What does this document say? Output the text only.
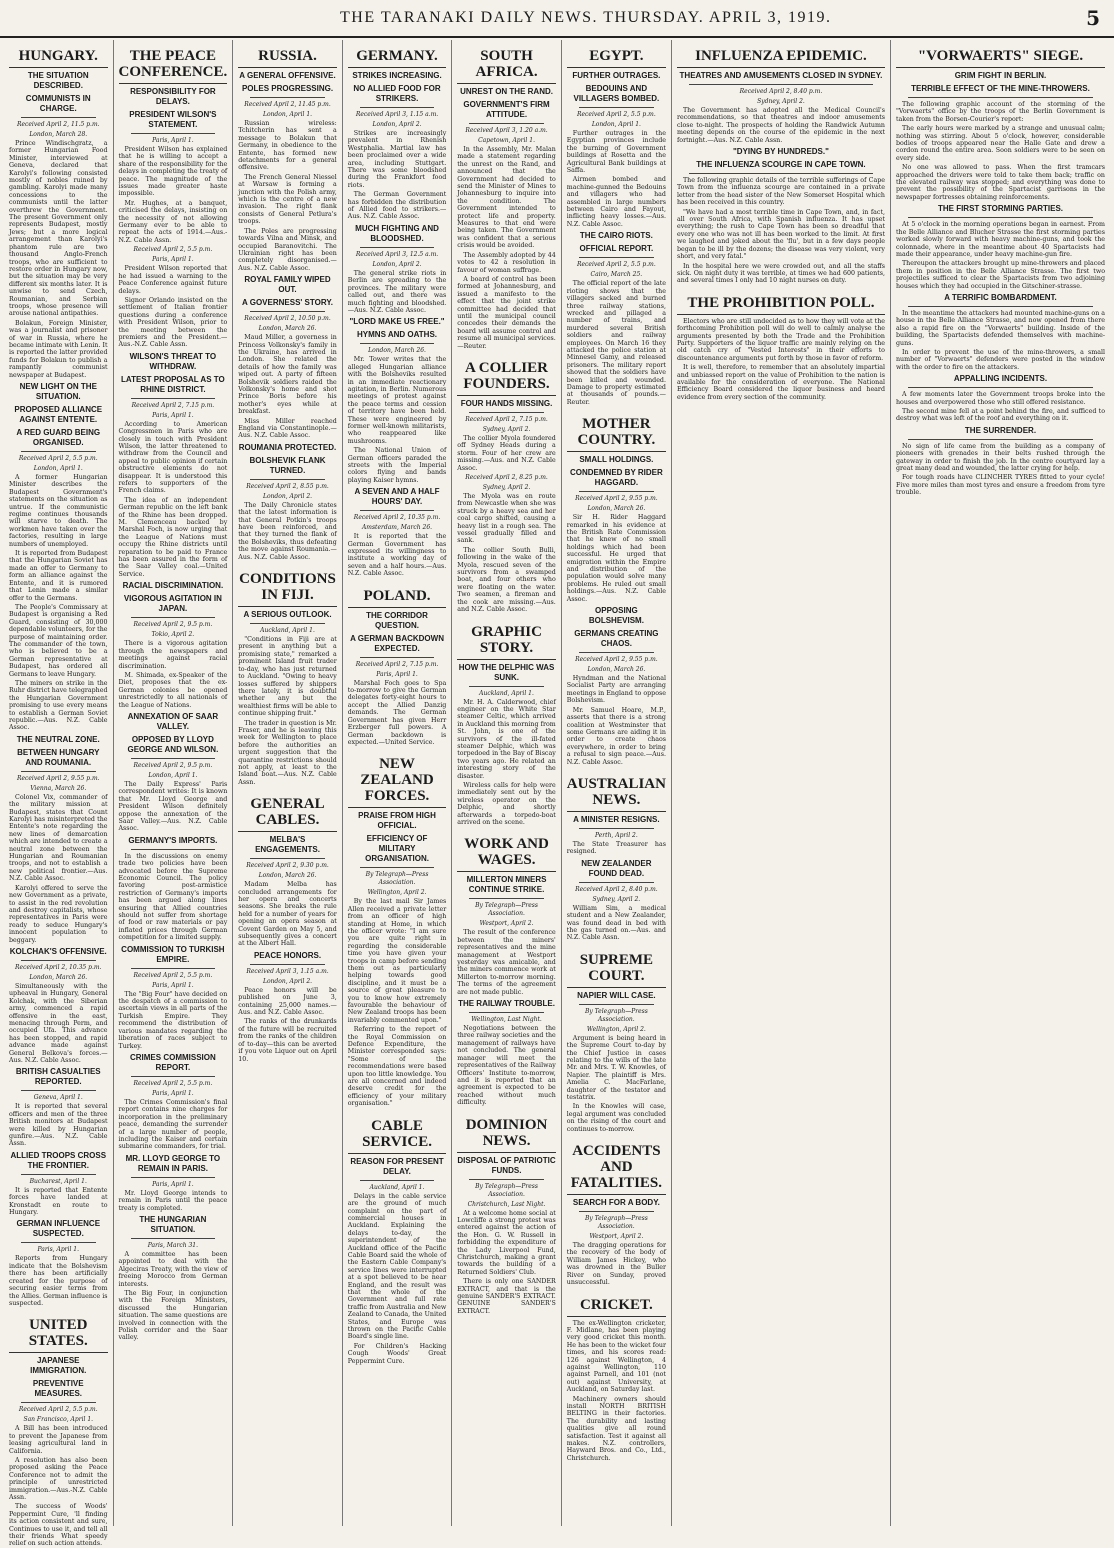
THE TARANAKI DAILY NEWS. THURSDAY. APRIL 3, 1919.	5
HUNGARY.
THE SITUATION DESCRIBED.
COMMUNISTS IN CHARGE.
Received April 2, 11.5 p.m.
London, March 28.
Prince Windischgratz, a former Hungarian Food Minister, interviewed at Geneva, declared that Karolyi's following consisted mostly of nobles ruined by gambling. Karolyi made many concessions to the communists until the latter overthrew the Government. The present Government only represents Budapest, mostly Jews; but a more logical arrangement than Karolyi's phantom rule are two thousand Anglo-French troops, who are sufficient to restore order in Hungary now, but the situation may be very different six months later. It is unwise to send Czech, Roumanian, and Serbian troops, whose presence will arouse national antipathies.
Bolakun, Foreign Minister, was a journalist and prisoner of war in Russia, where he became intimate with Lenin. It is reported the latter provided funds for Bolakun to publish a rampantly communist newspaper at Budapest.
NEW LIGHT ON THE SITUATION.
PROPOSED ALLIANCE AGAINST ENTENTE.
A RED GUARD BEING ORGANISED.
Received April 2, 5.5 p.m.
London, April 1.
A former Hungarian Minister describes the Budapest Government's statements on the situation as untrue. If the communistic regime continues thousands will starve to death. The workmen have taken over the factories, resulting in large numbers of unemployed.
It is reported from Budapest that the Hungarian Soviet has made an offer to Germany to form an alliance against the Entente, and it is rumored that Lenin made a similar offer to the Germans.
The People's Commissary at Budapest is organising a Red Guard, consisting of 30,000 dependable volunteers, for the purpose of maintaining order. The commander of the town, who is believed to be a German representative at Budapest, has ordered all Germans to leave Hungary.
The miners on strike in the Ruhr district have telegraphed the Hungarian Government promising to use every means to establish a German Soviet republic.—Aus. N.Z. Cable Assoc.
THE NEUTRAL ZONE.
BETWEEN HUNGARY AND ROUMANIA.
Received April 2, 9.55 p.m.
Vienna, March 26.
Colonel Vix, commander of the military mission at Budapest, states that Count Karolyi has misinterpreted the Entente's note regarding the new lines of demarcation which are intended to create a neutral zone between the Hungarian and Roumanian troops, and not to establish a new political frontier.—Aus. N.Z. Cable Assoc.
Karolyi offered to serve the new Government as a private, to assist in the red revolution and destroy capitalists, whose representatives in Paris were ready to seduce Hungary's innocent population to beggary.
KOLCHAK'S OFFENSIVE.
Received April 2, 10.35 p.m.
London, March 26.
Simultaneously with the upheaval in Hungary, General Kolchak, with the Siberian army, commenced a rapid offensive in the east, menacing through Perm, and occupied Ufa. This advance has been stopped, and rapid advance made against General Belkova's forces.—Aus. N.Z. Cable Assoc.
BRITISH CASUALTIES REPORTED.
Geneva, April 1.
It is reported that several officers and men of the three British monitors at Budapest were killed by Hungarian gunfire.—Aus. N.Z. Cable Assn.
ALLIED TROOPS CROSS THE FRONTIER.
Bucharest, April 1.
It is reported that Entente forces have landed at Kronstadt en route to Hungary.
GERMAN INFLUENCE SUSPECTED.
Paris, April 1.
Reports from Hungary indicate that the Bolshevism there has been artificially created for the purpose of securing easier terms from the Allies. German influence is suspected.
UNITED STATES.
JAPANESE IMMIGRATION.
PREVENTIVE MEASURES.
Received April 2, 5.5 p.m.
San Francisco, April 1.
A Bill has been introduced to prevent the Japanese from leasing agricultural land in California.
A resolution has also been proposed asking the Peace Conference not to admit the principle of unrestricted immigration.—Aus.-N.Z. Cable Assn.
The success of Woods' Peppermint Cure, 'll finding its action consistent and sure, Continues to use it, and tell all their friends What speedy relief on such action attends.
THE PEACE CONFERENCE.
RESPONSIBILITY FOR DELAYS.
PRESIDENT WILSON'S STATEMENT.
Paris, April 1.
President Wilson has explained that he is willing to accept a share of the responsibility for the delays in completing the treaty of peace. The magnitude of the issues made greater haste impossible.
Mr. Hughes, at a banquet, criticised the delays, insisting on the necessity of not allowing Germany ever to be able to repeat the acts of 1914.—Aus.-N.Z. Cable Assn.
Received April 2, 5.5 p.m.
Paris, April 1.
President Wilson reported that he had issued a warning to the Peace Conference against future delays.
Signor Orlando insisted on the settlement of Italian frontier questions during a conference with President Wilson, prior to the meeting between the premiers and the President.—Aus.-N.Z. Cable Assn.
WILSON'S THREAT TO WITHDRAW.
LATEST PROPOSAL AS TO RHINE DISTRICT.
Received April 2, 7.15 p.m.
Paris, April 1.
According to American Congressmen in Paris who are closely in touch with President Wilson, the latter threatened to withdraw from the Council and appeal to public opinion if certain obstructive elements do not disappear. It is understood this refers to supporters of the French claims.
The idea of an independent German republic on the left bank of the Rhine has been dropped. M. Clemenceau backed by Marshal Foch, is now urging that the League of Nations must occupy the Rhine districts until reparation to be paid to France has been assured in the form of the Saar Valley coal.—United Service.
RACIAL DISCRIMINATION.
VIGOROUS AGITATION IN JAPAN.
Received April 2, 9.5 p.m.
Tokio, April 2.
There is a vigorous agitation through the newspapers and meetings against racial discrimination.
M. Shimada, ex-Speaker of the Diet, proposes that the ex-German colonies be opened unrestrictedly to all nationals of the League of Nations.
ANNEXATION OF SAAR VALLEY.
OPPOSED BY LLOYD GEORGE AND WILSON.
Received April 2, 9.5 p.m.
London, April 1.
The Daily Express' Paris correspondent writes: It is known that Mr. Lloyd George and President Wilson definitely oppose the annexation of the Saar Valley.—Aus. N.Z. Cable Assoc.
GERMANY'S IMPORTS.
In the discussions on enemy trade two policies have been advocated before the Supreme Economic Council. The policy favoring post-armistice restriction of Germany's imports has been argued along lines ensuring that Allied countries should not suffer from shortage of food or raw materials or pay inflated prices through German competition for a limited supply.
COMMISSION TO TURKISH EMPIRE.
Received April 2, 5.5 p.m.
Paris, April 1.
The "Big Four" have decided on the despatch of a commission to ascertain views in all parts of the Turkish Empire. They recommend the distribution of various mandates regarding the liberation of races subject to Turkey.
CRIMES COMMISSION REPORT.
Received April 2, 5.5 p.m.
Paris, April 1.
The Crimes Commission's final report contains nine charges for incorporation in the preliminary peace, demanding the surrender of a large number of people, including the Kaiser and certain submarine commanders, for trial.
MR. LLOYD GEORGE TO REMAIN IN PARIS.
Paris, April 1.
Mr. Lloyd George intends to remain in Paris until the peace treaty is completed.
THE HUNGARIAN SITUATION.
Paris, March 31.
A committee has been appointed to deal with the Algeciras Treaty, with the view of freeing Morocco from German interests.
The Big Four, in conjunction with the Foreign Ministers, discussed the Hungarian situation. The same questions are involved in connection with the Polish corridor and the Saar valley.
RUSSIA.
A GENERAL OFFENSIVE.
POLES PROGRESSING.
Received April 2, 11.45 p.m.
London, April 1.
Russian wireless: Tchitcherin has sent a message to Bolakun that Germany, in obedience to the Entente, has formed new detachments for a general offensive.
The French General Niessel at Warsaw is forming a junction with the Polish army, which is the centre of a new invasion. The right flank consists of General Petlura's troops.
The Poles are progressing towards Vilna and Minsk, and occupied Baranovitchi. The Ukrainian right has been completely disorganised.—Aus. N.Z. Cable Assoc.
ROYAL FAMILY WIPED OUT.
A GOVERNESS' STORY.
Received April 2, 10.50 p.m.
London, March 26.
Maud Miller, a governess in Princess Volkonsky's family in the Ukraine, has arrived in London. She related the details of how the family was wiped out. A party of fifteen Bolshevik soldiers raided the Volkonsky's home and shot Prince Boris before his mother's eyes while at breakfast.
Miss Miller reached England via Constantinople.—Aus. N.Z. Cable Assoc.
ROUMANIA PROTECTED.
BOLSHEVIK FLANK TURNED.
Received April 2, 8.55 p.m.
London, April 2.
The Daily Chronicle states that the latest information is that General Potkin's troops have been reinforced, and that they turned the flank of the Bolsheviks, thus defeating the move against Roumania.—Aus. N.Z. Cable Assoc.
CONDITIONS IN FIJI.
A SERIOUS OUTLOOK.
Auckland, April 1.
"Conditions in Fiji are at present in anything but a promising state," remarked a prominent Island fruit trader to-day, who has just returned to Auckland. "Owing to heavy losses suffered by shippers there lately, it is doubtful whether any but the wealthiest firms will be able to continue shipping fruit."
The trader in question is Mr. Fraser, and he is leaving this week for Wellington to place before the authorities an urgent suggestion that the quarantine restrictions should not apply, at least to the Island boat.—Aus. N.Z. Cable Assn.
GENERAL CABLES.
MELBA'S ENGAGEMENTS.
Received April 2, 9.30 p.m.
London, March 26.
Madam Melba has concluded arrangements for her opera and concerts seasons. She breaks the rule held for a number of years for opening an opera season at Covent Garden on May 5, and subsequently gives a concert at the Albert Hall.
PEACE HONORS.
Received April 3, 1.15 a.m.
London, April 2.
Peace honors will be published on June 3, containing 25,000 names.—Aus. and N.Z. Cable Assoc.
The ranks of the drunkards of the future will be recruited from the ranks of the children of to-day—this can be averted if you vote Liquor out on April 10.
GERMANY.
STRIKES INCREASING.
NO ALLIED FOOD FOR STRIKERS.
Received April 3, 1.15 a.m.
London, April 2.
Strikes are increasingly prevalent in Rhenish Westphalia. Martial law has been proclaimed over a wide area, including Stuttgart. There was some bloodshed during the Frankfort food riots.
The German Government has forbidden the distribution of Allied food to strikers.—Aus. N.Z. Cable Assoc.
MUCH FIGHTING AND BLOODSHED.
Received April 3, 12.5 a.m.
London, April 2.
The general strike riots in Berlin are spreading to the provinces. The military were called out, and there was much fighting and bloodshed.—Aus. N.Z. Cable Assoc.
"LORD MAKE US FREE."
HYMNS AND OATHS.
London, March 26.
Mr. Tower writes that the alleged Hungarian alliance with the Bolsheviks resulted in an immediate reactionary agitation, in Berlin. Numerous meetings of protest against the peace terms and cession of territory have been held. These were engineered by former well-known militarists, who reappeared like mushrooms.
The National Union of German officers paraded the streets with the Imperial colors flying and bands playing Kaiser hymns.
A SEVEN AND A HALF HOURS' DAY.
Received April 2, 10.35 p.m.
Amsterdam, March 26.
It is reported that the German Government has expressed its willingness to institute a working day of seven and a half hours.—Aus. N.Z. Cable Assoc.
POLAND.
THE CORRIDOR QUESTION.
A GERMAN BACKDOWN EXPECTED.
Received April 2, 7.15 p.m.
Paris, April 1.
Marshal Foch goes to Spa to-morrow to give the German delegates forty-eight hours to accept the Allied Danzig demands. The German Government has given Herr Erzberger full powers. A German backdown is expected.—United Service.
NEW ZEALAND FORCES.
PRAISE FROM HIGH OFFICIAL.
EFFICIENCY OF MILITARY ORGANISATION.
By Telegraph—Press Association.
Wellington, April 2.
By the last mail Sir James Allen received a private letter from an officer of high standing at Home, in which the officer wrote: "I am sure you are quite right in regarding the considerable time you have given your troops in camp before sending them out as particularly helping towards good discipline, and it must be a source of great pleasure to you to know how extremely favourable the behaviour of New Zealand troops has been invariably commented upon."
Referring to the report of the Royal Commission on Defence Expenditure, the Minister corresponded says: "Some of the recommendations were based upon too little knowledge. You are all concerned and indeed deserve credit for the efficiency of your military organisation."
CABLE SERVICE.
REASON FOR PRESENT DELAY.
Auckland, April 1.
Delays in the cable service are the ground of much complaint on the part of commercial houses in Auckland. Explaining the delays to-day, the superintendent of the Auckland office of the Pacific Cable Board said the whole of the Eastern Cable Company's service lines were interrupted at a spot believed to be near England, and the result was that the whole of the Government and full rate traffic from Australia and New Zealand to Canada, the United States, and Europe was thrown on the Pacific Cable Board's single line.
For Children's Hacking Cough Woods' Great Peppermint Cure.
SOUTH AFRICA.
UNREST ON THE RAND.
GOVERNMENT'S FIRM ATTITUDE.
Received April 3, 1.20 a.m.
Capetown, April 1.
In the Assembly, Mr. Malan made a statement regarding the unrest on the Rand, and announced that the Government had decided to send the Minister of Mines to Johannesburg to inquire into the condition. The Government intended to protect life and property. Measures to that end were being taken. The Government was confident that a serious crisis would be avoided.
The Assembly adopted by 44 votes to 42 a resolution in favour of woman suffrage.
A board of control has been formed at Johannesburg, and issued a manifesto to the effect that the joint strike committee had decided that until the municipal council concedes their demands the board will assume control and resume all municipal services.—Reuter.
A COLLIER FOUNDERS.
FOUR HANDS MISSING.
Received April 2, 7.15 p.m.
Sydney, April 2.
The collier Myola foundered off Sydney Heads during a storm. Four of her crew are missing.—Aus. and N.Z. Cable Assoc.
Received April 2, 8.25 p.m.
Sydney, April 2.
The Myola was en route from Newcastle when she was struck by a heavy sea and her coal cargo shifted, causing a heavy list in a rough sea. The vessel gradually filled and sank.
The collier South Bulli, following in the wake of the Myola, rescued seven of the survivors from a swamped boat, and four others who were floating on the water. Two seamen, a fireman and the cook are missing.—Aus. and N.Z. Cable Assoc.
GRAPHIC STORY.
HOW THE DELPHIC WAS SUNK.
Auckland, April 1.
Mr. H. A. Calderwood, chief engineer on the White Star steamer Celtic, which arrived in Auckland this morning from St. John, is one of the survivors of the ill-fated steamer Delphic, which was torpedoed in the Bay of Biscay two years ago. He related an interesting story of the disaster.
Wireless calls for help were immediately sent out by the wireless operator on the Delphic, and shortly afterwards a torpedo-boat arrived on the scene.
WORK AND WAGES.
MILLERTON MINERS CONTINUE STRIKE.
By Telegraph—Press Association.
Westport, April 2.
The result of the conference between the miners' representatives and the mine management at Westport yesterday was amicable, and the miners commence work at Millerton to-morrow morning. The terms of the agreement are not made public.
THE RAILWAY TROUBLE.
Wellington, Last Night.
Negotiations between the three railway societies and the management of railways have not concluded. The general manager will meet the representatives of the Railway Officers' Institute to-morrow, and it is reported that an agreement is expected to be reached without much difficulty.
DOMINION NEWS.
DISPOSAL OF PATRIOTIC FUNDS.
By Telegraph—Press Association.
Christchurch, Last Night.
At a welcome home social at Lowcliffe a strong protest was entered against the action of the Hon. G. W. Russell in forbidding the expenditure of the Lady Liverpool Fund, Christchurch, making a grant towards the building of a Returned Soldiers' Club.
There is only one SANDER EXTRACT, and that is the genuine SANDER'S EXTRACT. GENUINE SANDER'S EXTRACT.
EGYPT.
FURTHER OUTRAGES.
BEDOUINS AND VILLAGERS BOMBED.
Received April 2, 5.5 p.m.
London, April 1.
Further outrages in the Egyptian provinces include the burning of Government buildings at Rosetta and the Agricultural Bank buildings at Saffa.
Airmen bombed and machine-gunned the Bedouins and villagers who had assembled in large numbers between Cairo and Fayout, inflicting heavy losses.—Aus. N.Z. Cable Assoc.
THE CAIRO RIOTS.
OFFICIAL REPORT.
Received April 2, 5.5 p.m.
Cairo, March 25.
The official report of the late rioting shows that the villagers sacked and burned three railway stations, wrecked and pillaged a number of trains, and murdered several British soldiers and railway employees. On March 16 they attacked the police station at Minnesel Gamy, and released prisoners. The military report showed that the soldiers have been killed and wounded. Damage to property estimated at thousands of pounds.—Reuter.
MOTHER COUNTRY.
SMALL HOLDINGS.
CONDEMNED BY RIDER HAGGARD.
Received April 2, 9.55 p.m.
London, March 26.
Sir H. Rider Haggard remarked in his evidence at the British Rate Commission that he knew of no small holdings which had been successful. He urged that emigration within the Empire and distribution of the population would solve many problems. He ruled out small holdings.—Aus. N.Z. Cable Assoc.
OPPOSING BOLSHEVISM.
GERMANS CREATING CHAOS.
Received April 2, 9.55 p.m.
London, March 26.
Hyndman and the National Socialist Party are arranging meetings in England to oppose Bolshevism.
Mr. Samuel Hoare, M.P., asserts that there is a strong coalition at Westminster that some Germans are aiding it in order to create chaos everywhere, in order to bring a refusal to sign peace.—Aus. N.Z. Cable Assoc.
AUSTRALIAN NEWS.
A MINISTER RESIGNS.
Perth, April 2.
The State Treasurer has resigned.
NEW ZEALANDER FOUND DEAD.
Received April 2, 8.40 p.m.
Sydney, April 2.
William Sim, a medical student and a New Zealander, was found dead in bed with the gas turned on.—Aus. and N.Z. Cable Assn.
SUPREME COURT.
NAPIER WILL CASE.
By Telegraph—Press Association.
Wellington, April 2.
Argument is being heard in the Supreme Court to-day by the Chief Justice in cases relating to the wills of the late Mr. and Mrs. T. W. Knowles, of Napier. The plaintiff is Mrs. Amelia C. MacFarlane, daughter of the testator and testatrix.
In the Knowles will case, legal argument was concluded on the rising of the court and continues to-morrow.
ACCIDENTS AND FATALITIES.
SEARCH FOR A BODY.
By Telegraph—Press Association.
Westport, April 2.
The dragging operations for the recovery of the body of William James Hickey, who was drowned in the Buller River on Sunday, proved unsuccessful.
CRICKET.
The ex-Wellington cricketer, F. Midlane, has been playing very good cricket this month. He has been to the wicket four times, and his scores read: 126 against Wellington, 4 against Wellington, 110 against Parnell, and 101 (not out) against University, at Auckland, on Saturday last.
Machinery owners should install NORTH BRITISH BELTING in their factories. The durability and lasting qualities give all round satisfaction. Test it against all makes. N.Z. controllers, Hayward Bros. and Co., Ltd., Christchurch.
INFLUENZA EPIDEMIC.
THEATRES AND AMUSEMENTS CLOSED IN SYDNEY.
Received April 2, 8.40 p.m.
Sydney, April 2.
The Government has adopted all the Medical Council's recommendations, so that theatres and indoor amusements close to-night. The prospects of holding the Randwick Autumn meeting depends on the course of the epidemic in the next fortnight.—Aus. N.Z. Cable Assn.
"DYING BY HUNDREDS."
THE INFLUENZA SCOURGE IN CAPE TOWN.
The following graphic details of the terrible sufferings of Cape Town from the influenza scourge are contained in a private letter from the head sister of the New Somerset Hospital which has been received in this country.
"We have had a most terrible time in Cape Town, and, in fact, all over South Africa, with Spanish influenza. It has upset everything; the rush to Cape Town has been so dreadful that every one who was not ill has been worked to the limit. At first we laughed and joked about the 'flu', but in a few days people began to be ill by the dozens; the disease was very violent, very short, and very fatal."
In the hospital here we were crowded out, and all the staffs sick. On night duty it was terrible, at times we had 600 patients, and several times I only had 10 night nurses on duty.
THE PROHIBITION POLL.
Electors who are still undecided as to how they will vote at the forthcoming Prohibition poll will do well to calmly analyse the arguments presented by both the Trade and the Prohibition Party. Supporters of the liquor traffic are mainly relying on the old catch cry of "Vested Interests" in their efforts to discountenance arguments put forth by those in favor of reform.
It is well, therefore, to remember that an absolutely impartial and unbiassed report on the value of Prohibition to the nation is available for the consideration of everyone. The National Efficiency Board considered the liquor business and heard evidence from every section of the community.
"VORWAERTS" SIEGE.
GRIM FIGHT IN BERLIN.
TERRIBLE EFFECT OF THE MINE-THROWERS.
The following graphic account of the storming of the "Vorwaerts" office by the troops of the Berlin Government is taken from the Borsen-Courier's report:
The early hours were marked by a strange and unusual calm; nothing was stirring. About 5 o'clock, however, considerable bodies of troops appeared near the Halle Gate and drew a cordon round the entire area. Soon soldiers were to be seen on every side.
No one was allowed to pass. When the first tramcars approached the drivers were told to take them back; traffic on the elevated railway was stopped; and everything was done to prevent the possibility of the Spartacist garrisons in the newspaper fortresses obtaining reinforcements.
THE FIRST STORMING PARTIES.
At 5 o'clock in the morning operations began in earnest. From the Belle Alliance and Blucher Strasse the first storming parties worked slowly forward with heavy machine-guns, and took the colonnade, where in the meantime about 40 Spartacists had made their appearance, under heavy machine-gun fire.
Thereupon the attackers brought up mine-throwers and placed them in position in the Belle Alliance Strasse. The first two projectiles sufficed to clear the Spartacists from two adjoining houses which they had occupied in the Gitschiner-strasse.
A TERRIFIC BOMBARDMENT.
In the meantime the attackers had mounted machine-guns on a house in the Belle Alliance Strasse, and now opened from there also a rapid fire on the "Vorwaerts" building. Inside of the building, the Spartacists defended themselves with machine-guns.
In order to prevent the use of the mine-throwers, a small number of "Vorwaerts" defenders were posted in the window with the order to fire on the attackers.
APPALLING INCIDENTS.
A few moments later the Government troops broke into the houses and overpowered those who still offered resistance.
The second mine fell at a point behind the fire, and sufficed to destroy what was left of the roof and everything on it.
THE SURRENDER.
No sign of life came from the building as a company of pioneers with grenades in their belts rushed through the gateway in order to finish the job. In the centre courtyard lay a great many dead and wounded, the latter crying for help.
For tough roads have CLINCHER TYRES fitted to your cycle! Five more miles than most tyres and ensure a freedom from tyre trouble.
